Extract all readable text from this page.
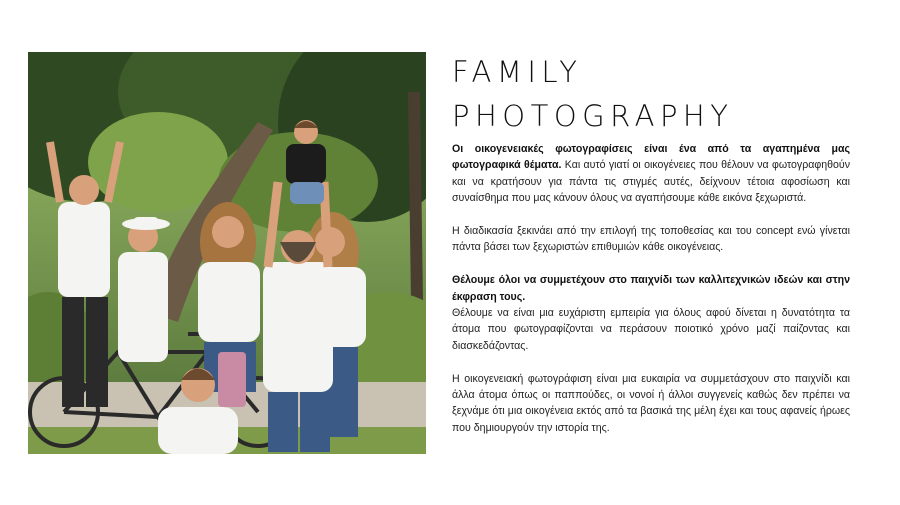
FAMILY
PHOTOGRAPHY

Οι οικογενειακές φωτογραφίσεις είναι ένα από τα αγαπημένα μας φωτογραφικά θέματα. Και αυτό γιατί οι οικογένειες που θέλουν να φωτογραφηθούν και να κρατήσουν για πάντα τις στιγμές αυτές, δείχνουν τέτοια αφοσίωση και συναίσθημα που μας κάνουν όλους να αγαπήσουμε κάθε εικόνα ξεχωριστά.

Η διαδικασία ξεκινάει από την επιλογή της τοποθεσίας και του concept ενώ γίνεται πάντα βάσει των ξεχωριστών επιθυμιών κάθε οικογένειας.

Θέλουμε όλοι να συμμετέχουν στο παιχνίδι των καλλιτεχνικών ιδεών και στην έκφραση τους.

Θέλουμε να είναι μια ευχάριστη εμπειρία για όλους αφού δίνεται η δυνατότητα τα άτομα που φωτογραφίζονται να περάσουν ποιοτικό χρόνο μαζί παίζοντας και διασκεδάζοντας.

Η οικογενειακή φωτογράφιση είναι μια ευκαιρία να συμμετάσχουν στο παιχνίδι και άλλα άτομα όπως οι παππούδες, οι νονοί ή άλλοι συγγενείς καθώς δεν πρέπει να ξεχνάμε ότι μια οικογένεια εκτός από τα βασικά της μέλη έχει και τους αφανείς ήρωες που δημιουργούν την ιστορία της.
